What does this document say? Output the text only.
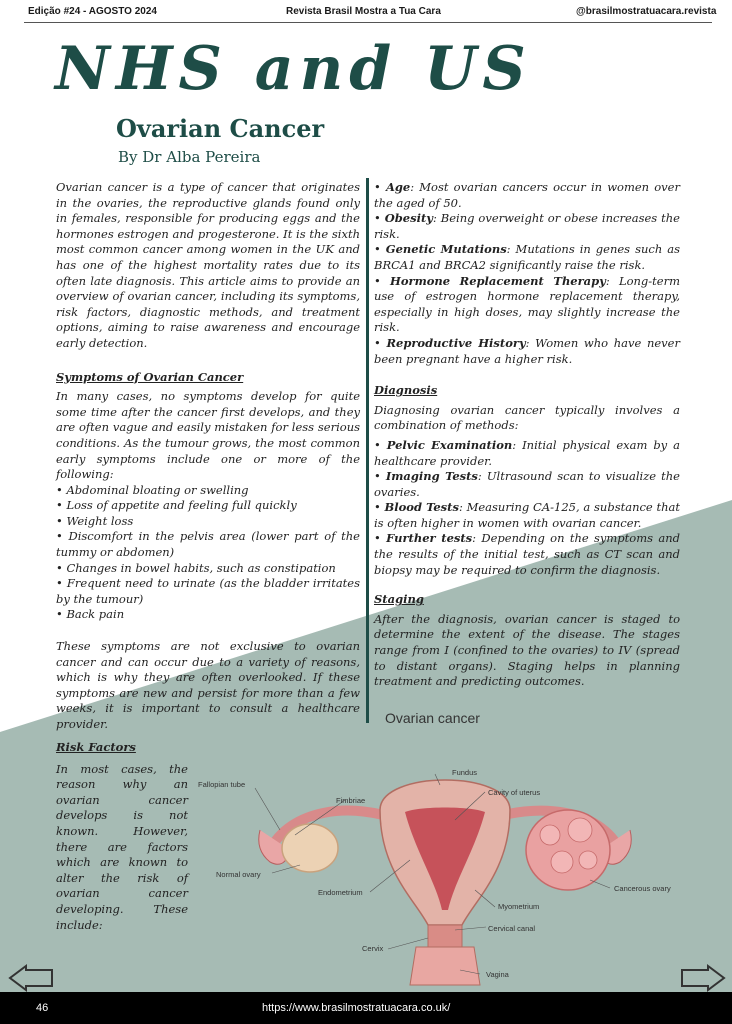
Edição #24 - AGOSTO 2024	Revista Brasil Mostra a Tua Cara	@brasilmostratuacara.revista
NHS and US
Ovarian Cancer
By Dr Alba Pereira

Ovarian cancer is a type of cancer that originates in the ovaries, the reproductive glands found only in females, responsible for producing eggs and the hormones estrogen and progesterone. It is the sixth most common cancer among women in the UK and has one of the highest mortality rates due to its often late diagnosis. This article aims to provide an overview of ovarian cancer, including its symptoms, risk factors, diagnostic methods, and treatment options, aiming to raise awareness and encourage early detection.

Symptoms of Ovarian Cancer

In many cases, no symptoms develop for quite some time after the cancer first develops, and they are often vague and easily mistaken for less serious conditions. As the tumour grows, the most common early symptoms include one or more of the following:

• Abdominal bloating or swelling

• Loss of appetite and feeling full quickly

• Weight loss

• Discomfort in the pelvis area (lower part of the tummy or abdomen)

• Changes in bowel habits, such as constipation

• Frequent need to urinate (as the bladder irritates by the tumour)

• Back pain

These symptoms are not exclusive to ovarian cancer and can occur due to a variety of reasons, which is why they are often overlooked. If these symptoms are new and persist for more than a few weeks, it is important to consult a healthcare provider.

• Age: Most ovarian cancers occur in women over the aged of 50.

• Obesity: Being overweight or obese increases the risk.

• Genetic Mutations: Mutations in genes such as BRCA1 and BRCA2 significantly raise the risk.

• Hormone Replacement Therapy: Long-term use of estrogen hormone replacement therapy, especially in high doses, may slightly increase the risk.

• Reproductive History: Women who have never been pregnant have a higher risk.

Diagnosis

Diagnosing ovarian cancer typically involves a combination of methods:

• Pelvic Examination: Initial physical exam by a healthcare provider.

• Imaging Tests: Ultrasound scan to visualize the ovaries.

• Blood Tests: Measuring CA-125, a substance that is often higher in women with ovarian cancer.

• Further tests: Depending on the symptoms and the results of the initial test, such as CT scan and biopsy may be required to confirm the diagnosis.

Staging

After the diagnosis, ovarian cancer is staged to determine the extent of the disease. The stages range from I (confined to the ovaries) to IV (spread to distant organs). Staging helps in planning treatment and predicting outcomes.

Risk Factors

In most cases, the reason why an ovarian cancer develops is not known. However, there are factors which are known to alter the risk of ovarian cancer developing. These include:

Ovarian cancer
Fallopian tube
Fimbriae
Normal ovary
Endometrium
Cervix
Fundus
Cavity of uterus
Cancerous ovary
Myometrium
Cervical canal
Vagina
46	https://www.brasilmostratuacara.co.uk/
